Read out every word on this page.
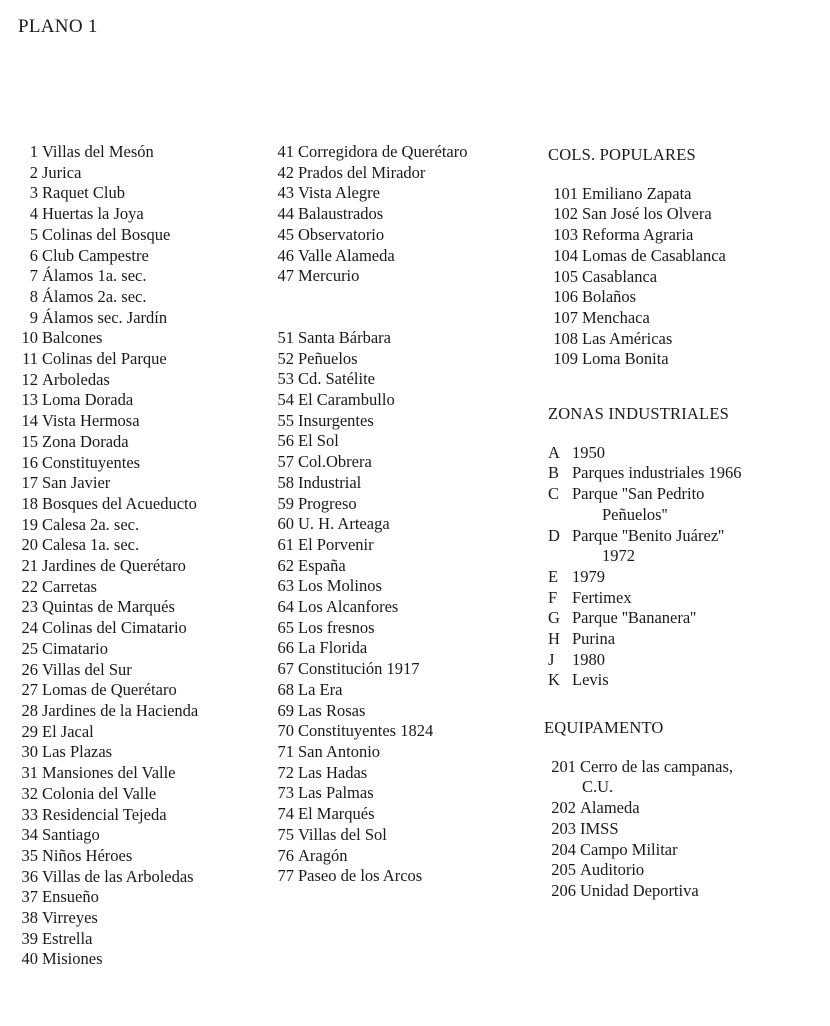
PLANO 1
1 Villas del Mesón
2 Jurica
3 Raquet Club
4 Huertas la Joya
5 Colinas del Bosque
6 Club Campestre
7 Álamos 1a. sec.
8 Álamos 2a. sec.
9 Álamos sec. Jardín
10 Balcones
11 Colinas del Parque
12 Arboledas
13 Loma Dorada
14 Vista Hermosa
15 Zona Dorada
16 Constituyentes
17 San Javier
18 Bosques del Acueducto
19 Calesa 2a. sec.
20 Calesa 1a. sec.
21 Jardines de Querétaro
22 Carretas
23 Quintas de Marqués
24 Colinas del Cimatario
25 Cimatario
26 Villas del Sur
27 Lomas de Querétaro
28 Jardines de la Hacienda
29 El Jacal
30 Las Plazas
31 Mansiones del Valle
32 Colonia del Valle
33 Residencial Tejeda
34 Santiago
35 Niños Héroes
36 Villas de las Arboledas
37 Ensueño
38 Virreyes
39 Estrella
40 Misiones
41 Corregidora de Querétaro
42 Prados del Mirador
43 Vista Alegre
44 Balaustrados
45 Observatorio
46 Valle Alameda
47 Mercurio
51 Santa Bárbara
52 Peñuelos
53 Cd. Satélite
54 El Carambullo
55 Insurgentes
56 El Sol
57 Col.Obrera
58 Industrial
59 Progreso
60 U. H. Arteaga
61 El Porvenir
62 España
63 Los Molinos
64 Los Alcanfores
65 Los fresnos
66 La Florida
67 Constitución 1917
68 La Era
69 Las Rosas
70 Constituyentes 1824
71 San Antonio
72 Las Hadas
73 Las Palmas
74 El Marqués
75 Villas del Sol
76 Aragón
77 Paseo de los Arcos
COLS. POPULARES
101 Emiliano Zapata
102 San José los Olvera
103 Reforma Agraria
104 Lomas de Casablanca
105 Casablanca
106 Bolaños
107 Menchaca
108 Las Américas
109 Loma Bonita
ZONAS INDUSTRIALES
A 1950
B Parques industriales 1966
C Parque ''San Pedrito
Peñuelos''
D Parque ''Benito Juárez''
1972
E 1979
F Fertimex
G Parque ''Bananera''
H Purina
J 1980
K Levis
EQUIPAMENTO
201 Cerro de las campanas,
C.U.
202 Alameda
203 IMSS
204 Campo Militar
205 Auditorio
206 Unidad Deportiva
